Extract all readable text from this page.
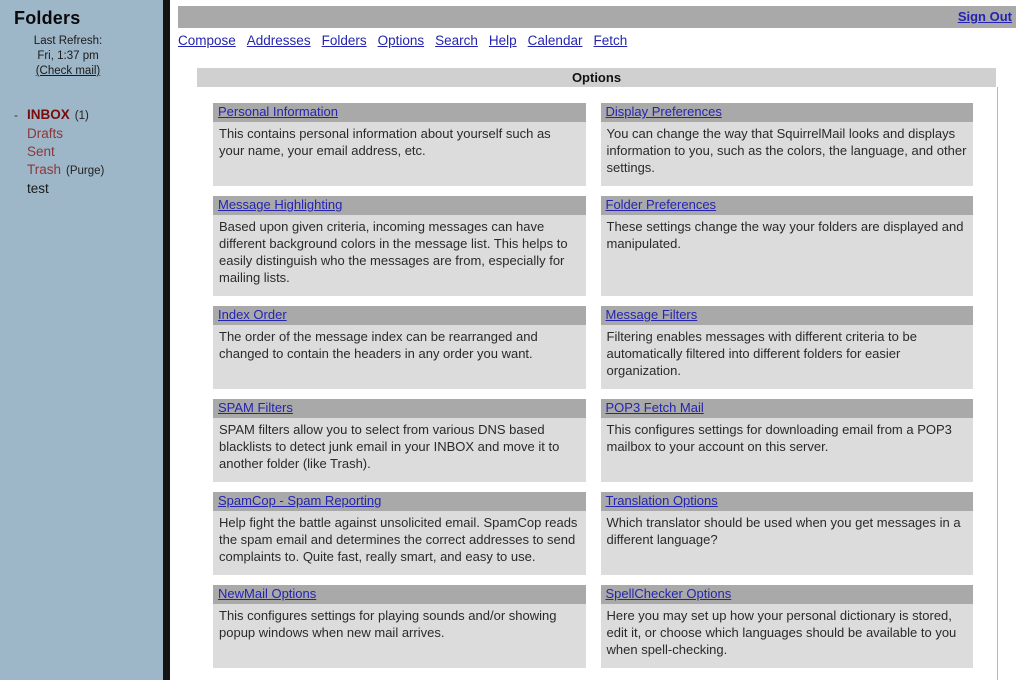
Folders
Last Refresh:
Fri, 1:37 pm
(Check mail)
- INBOX (1)
Drafts
Sent
Trash (Purge)
test
Sign Out
Compose Addresses Folders Options Search Help Calendar Fetch
Options
Personal Information
This contains personal information about yourself such as your name, your email address, etc.
Display Preferences
You can change the way that SquirrelMail looks and displays information to you, such as the colors, the language, and other settings.
Message Highlighting
Based upon given criteria, incoming messages can have different background colors in the message list. This helps to easily distinguish who the messages are from, especially for mailing lists.
Folder Preferences
These settings change the way your folders are displayed and manipulated.
Index Order
The order of the message index can be rearranged and changed to contain the headers in any order you want.
Message Filters
Filtering enables messages with different criteria to be automatically filtered into different folders for easier organization.
SPAM Filters
SPAM filters allow you to select from various DNS based blacklists to detect junk email in your INBOX and move it to another folder (like Trash).
POP3 Fetch Mail
This configures settings for downloading email from a POP3 mailbox to your account on this server.
SpamCop - Spam Reporting
Help fight the battle against unsolicited email. SpamCop reads the spam email and determines the correct addresses to send complaints to. Quite fast, really smart, and easy to use.
Translation Options
Which translator should be used when you get messages in a different language?
NewMail Options
This configures settings for playing sounds and/or showing popup windows when new mail arrives.
SpellChecker Options
Here you may set up how your personal dictionary is stored, edit it, or choose which languages should be available to you when spell-checking.
